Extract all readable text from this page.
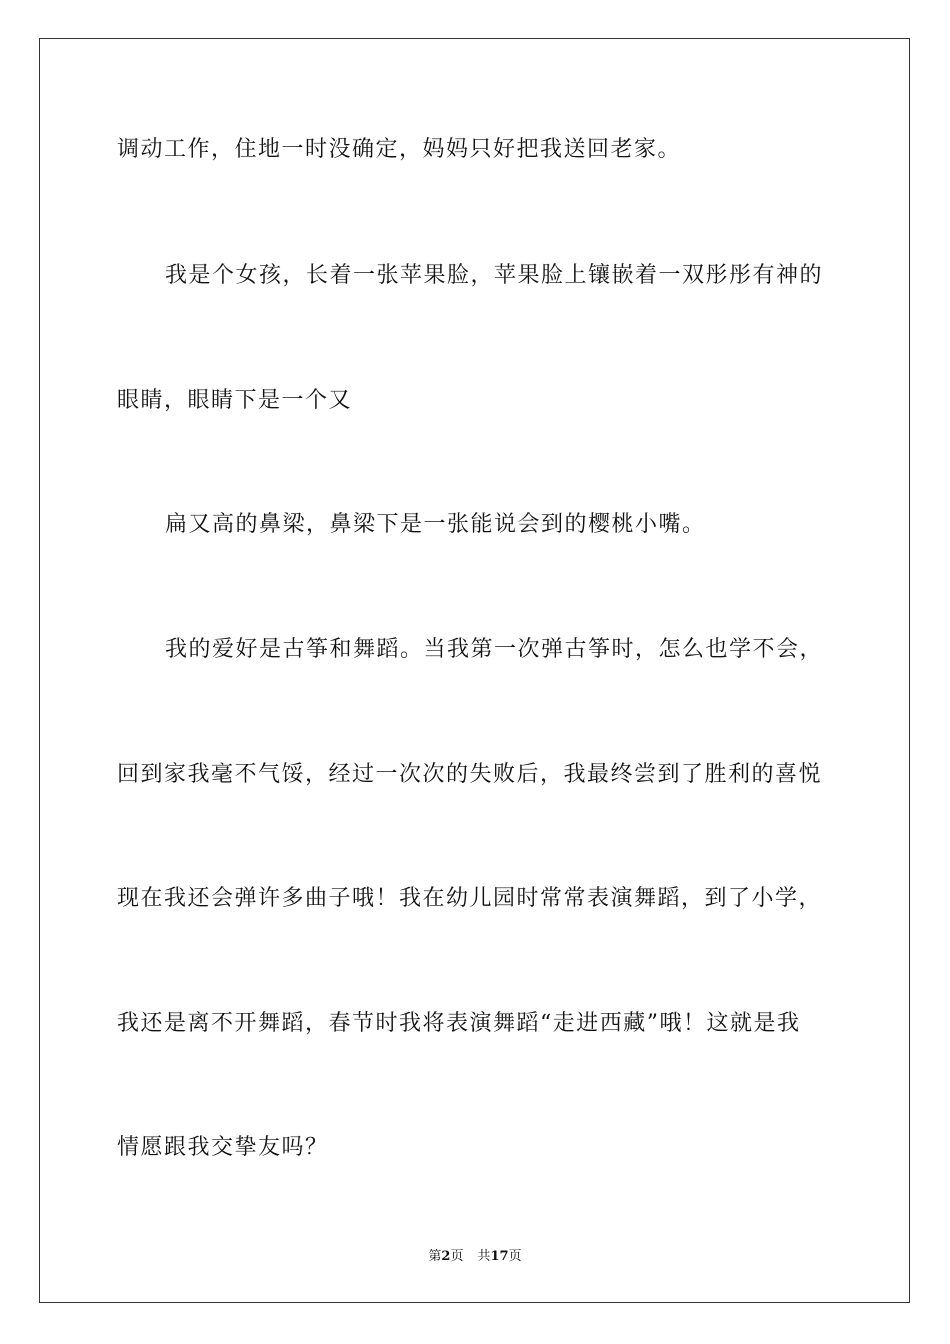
调动工作，住地一时没确定，妈妈只好把我送回老家。
我是个女孩，长着一张苹果脸，苹果脸上镶嵌着一双彤彤有神的
眼睛，眼睛下是一个又
扁又高的鼻梁，鼻梁下是一张能说会到的樱桃小嘴。
我的爱好是古筝和舞蹈。当我第一次弹古筝时，怎么也学不会，
回到家我毫不气馁，经过一次次的失败后，我最终尝到了胜利的喜悦
现在我还会弹许多曲子哦！我在幼儿园时常常表演舞蹈，到了小学，
我还是离不开舞蹈，春节时我将表演舞蹈“走进西藏”哦！这就是我
情愿跟我交挚友吗？
第2页 共17页
